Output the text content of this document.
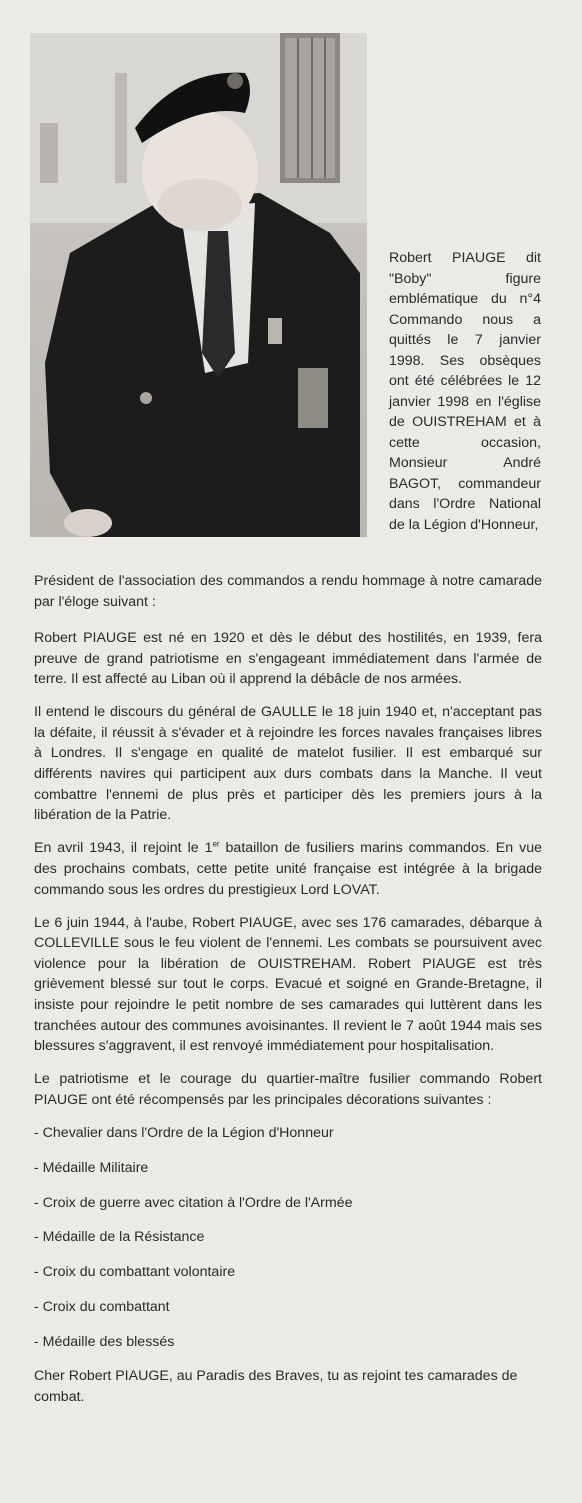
Robert PIAUGE dit "Boby" figure emblématique du n°4 Commando nous a quittés le 7 janvier 1998. Ses obsèques ont été célébrées le 12 janvier 1998 en l'église de OUISTREHAM et à cette occasion, Monsieur André BAGOT, commandeur dans l'Ordre National de la Légion d'Honneur,
Président de l'association des commandos a rendu hommage à notre camarade par l'éloge suivant :

Robert PIAUGE est né en 1920 et dès le début des hostilités, en 1939, fera preuve de grand patriotisme en s'engageant immédiatement dans l'armée de terre. Il est affecté au Liban où il apprend la débâcle de nos armées.

Il entend le discours du général de GAULLE le 18 juin 1940 et, n'acceptant pas la défaite, il réussit à s'évader et à rejoindre les forces navales françaises libres à Londres. Il s'engage en qualité de matelot fusilier. Il est embarqué sur différents navires qui participent aux durs combats dans la Manche. Il veut combattre l'ennemi de plus près et participer dès les premiers jours à la libération de la Patrie.

En avril 1943, il rejoint le 1er bataillon de fusiliers marins commandos. En vue des prochains combats, cette petite unité française est intégrée à la brigade commando sous les ordres du prestigieux Lord LOVAT.

Le 6 juin 1944, à l'aube, Robert PIAUGE, avec ses 176 camarades, débarque à COLLEVILLE sous le feu violent de l'ennemi. Les combats se poursuivent avec violence pour la libération de OUISTREHAM. Robert PIAUGE est très grièvement blessé sur tout le corps. Evacué et soigné en Grande-Bretagne, il insiste pour rejoindre le petit nombre de ses camarades qui luttèrent dans les tranchées autour des communes avoisinantes. Il revient le 7 août 1944 mais ses blessures s'aggravent, il est renvoyé immédiatement pour hospitalisation.

Le patriotisme et le courage du quartier-maître fusilier commando Robert PIAUGE ont été récompensés par les principales décorations suivantes :

- Chevalier dans l'Ordre de la Légion d'Honneur
- Médaille Militaire
- Croix de guerre avec citation à l'Ordre de l'Armée
- Médaille de la Résistance
- Croix du combattant volontaire
- Croix du combattant
- Médaille des blessés

Cher Robert PIAUGE, au Paradis des Braves, tu as rejoint tes camarades de combat.
